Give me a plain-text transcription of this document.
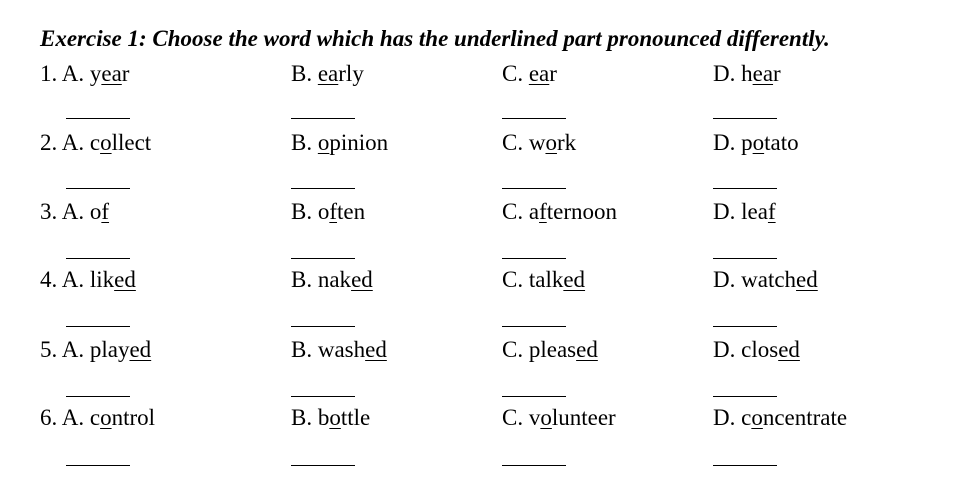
Exercise 1: Choose the word which has the underlined part pronounced differently.
1. A. year	B. early	C. ear	D. hear
2. A. collect	B. opinion	C. work	D. potato
3. A. of	B. often	C. afternoon	D. leaf
4. A. liked	B. naked	C. talked	D. watched
5. A. played	B. washed	C. pleased	D. closed
6. A. control	B. bottle	C. volunteer	D. concentrate
